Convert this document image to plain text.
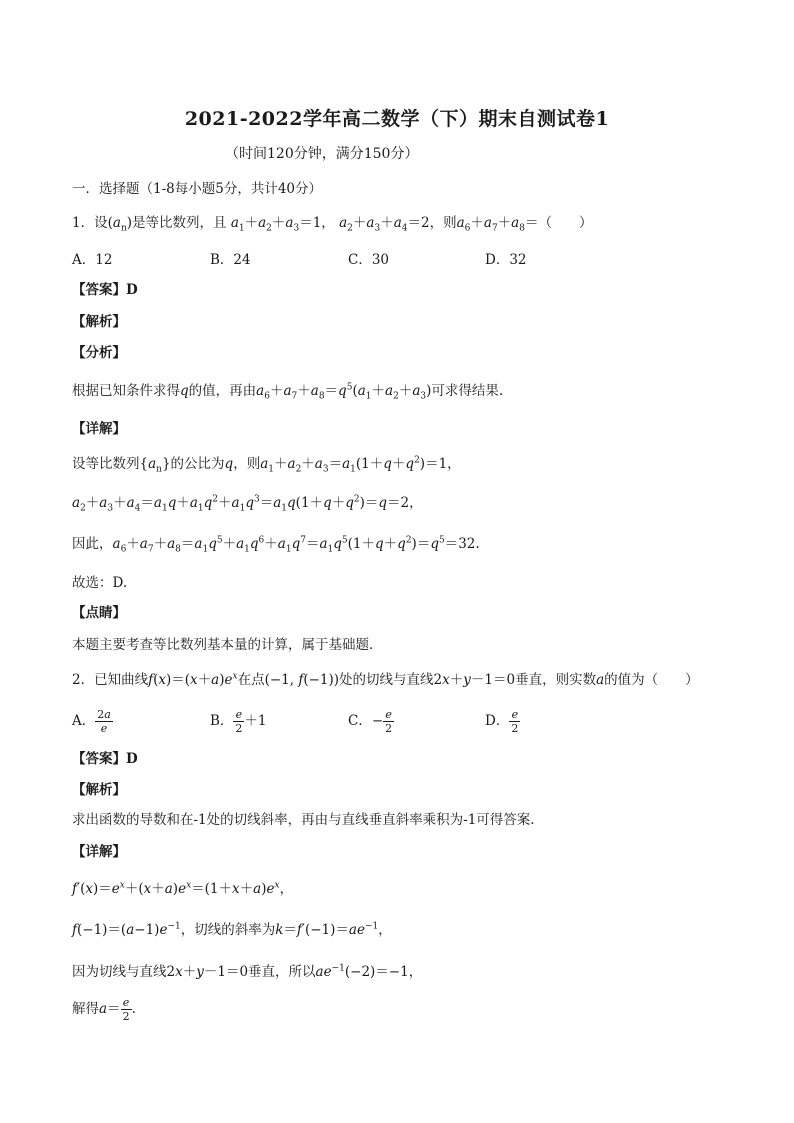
2021-2022学年高二数学（下）期末自测试卷1
（时间120分钟，满分150分）
一．选择题（1-8每小题5分，共计40分）
1．设$(a_n)$是等比数列，且 $a_1+a_2+a_3=1$， $a_2+a_3+a_4=2$，则$a_6+a_7+a_8=$（　　）
A．12	B．24	C．30	D．32
【答案】D
【解析】
【分析】
根据已知条件求得q的值，再由$a_6+a_7+a_8=q^5(a_1+a_2+a_3)$可求得结果.
【详解】
设等比数列$\{a_n\}$的公比为q，则$a_1+a_2+a_3=a_1(1+q+q^2)=1$，
$a_2+a_3+a_4=a_1q+a_1q^2+a_1q^3=a_1q(1+q+q^2)=q=2$，
因此，$a_6+a_7+a_8=a_1q^5+a_1q^6+a_1q^7=a_1q^5(1+q+q^2)=q^5=32$.
故选：D.
【点睛】
本题主要考查等比数列基本量的计算，属于基础题．
2．已知曲线$f(x)=(x+a)e^x$在点(−1, f(−1))处的切线与直线2x＋y－1＝0垂直，则实数a的值为（　　）
A． $\frac{2a}{e}$	B． $\frac{e}{2} +1$	C．− $\frac{e}{2}$	D． $\frac{e}{2}$
【答案】D
【解析】
求出函数的导数和在-1处的切线斜率，再由与直线垂直斜率乘积为-1可得答案.
【详解】
$f'(x)=e^x+(x+a)e^x=(1+x+a)e^x$，
$f(-1)=(a-1)e^{-1}$，切线的斜率为$k=f'(-1)=ae^{-1}$，
因为切线与直线2x＋y－1＝0垂直，所以$ae^{-1}(-2)=-1$，
解得$a= \frac{e}{2}$ .
